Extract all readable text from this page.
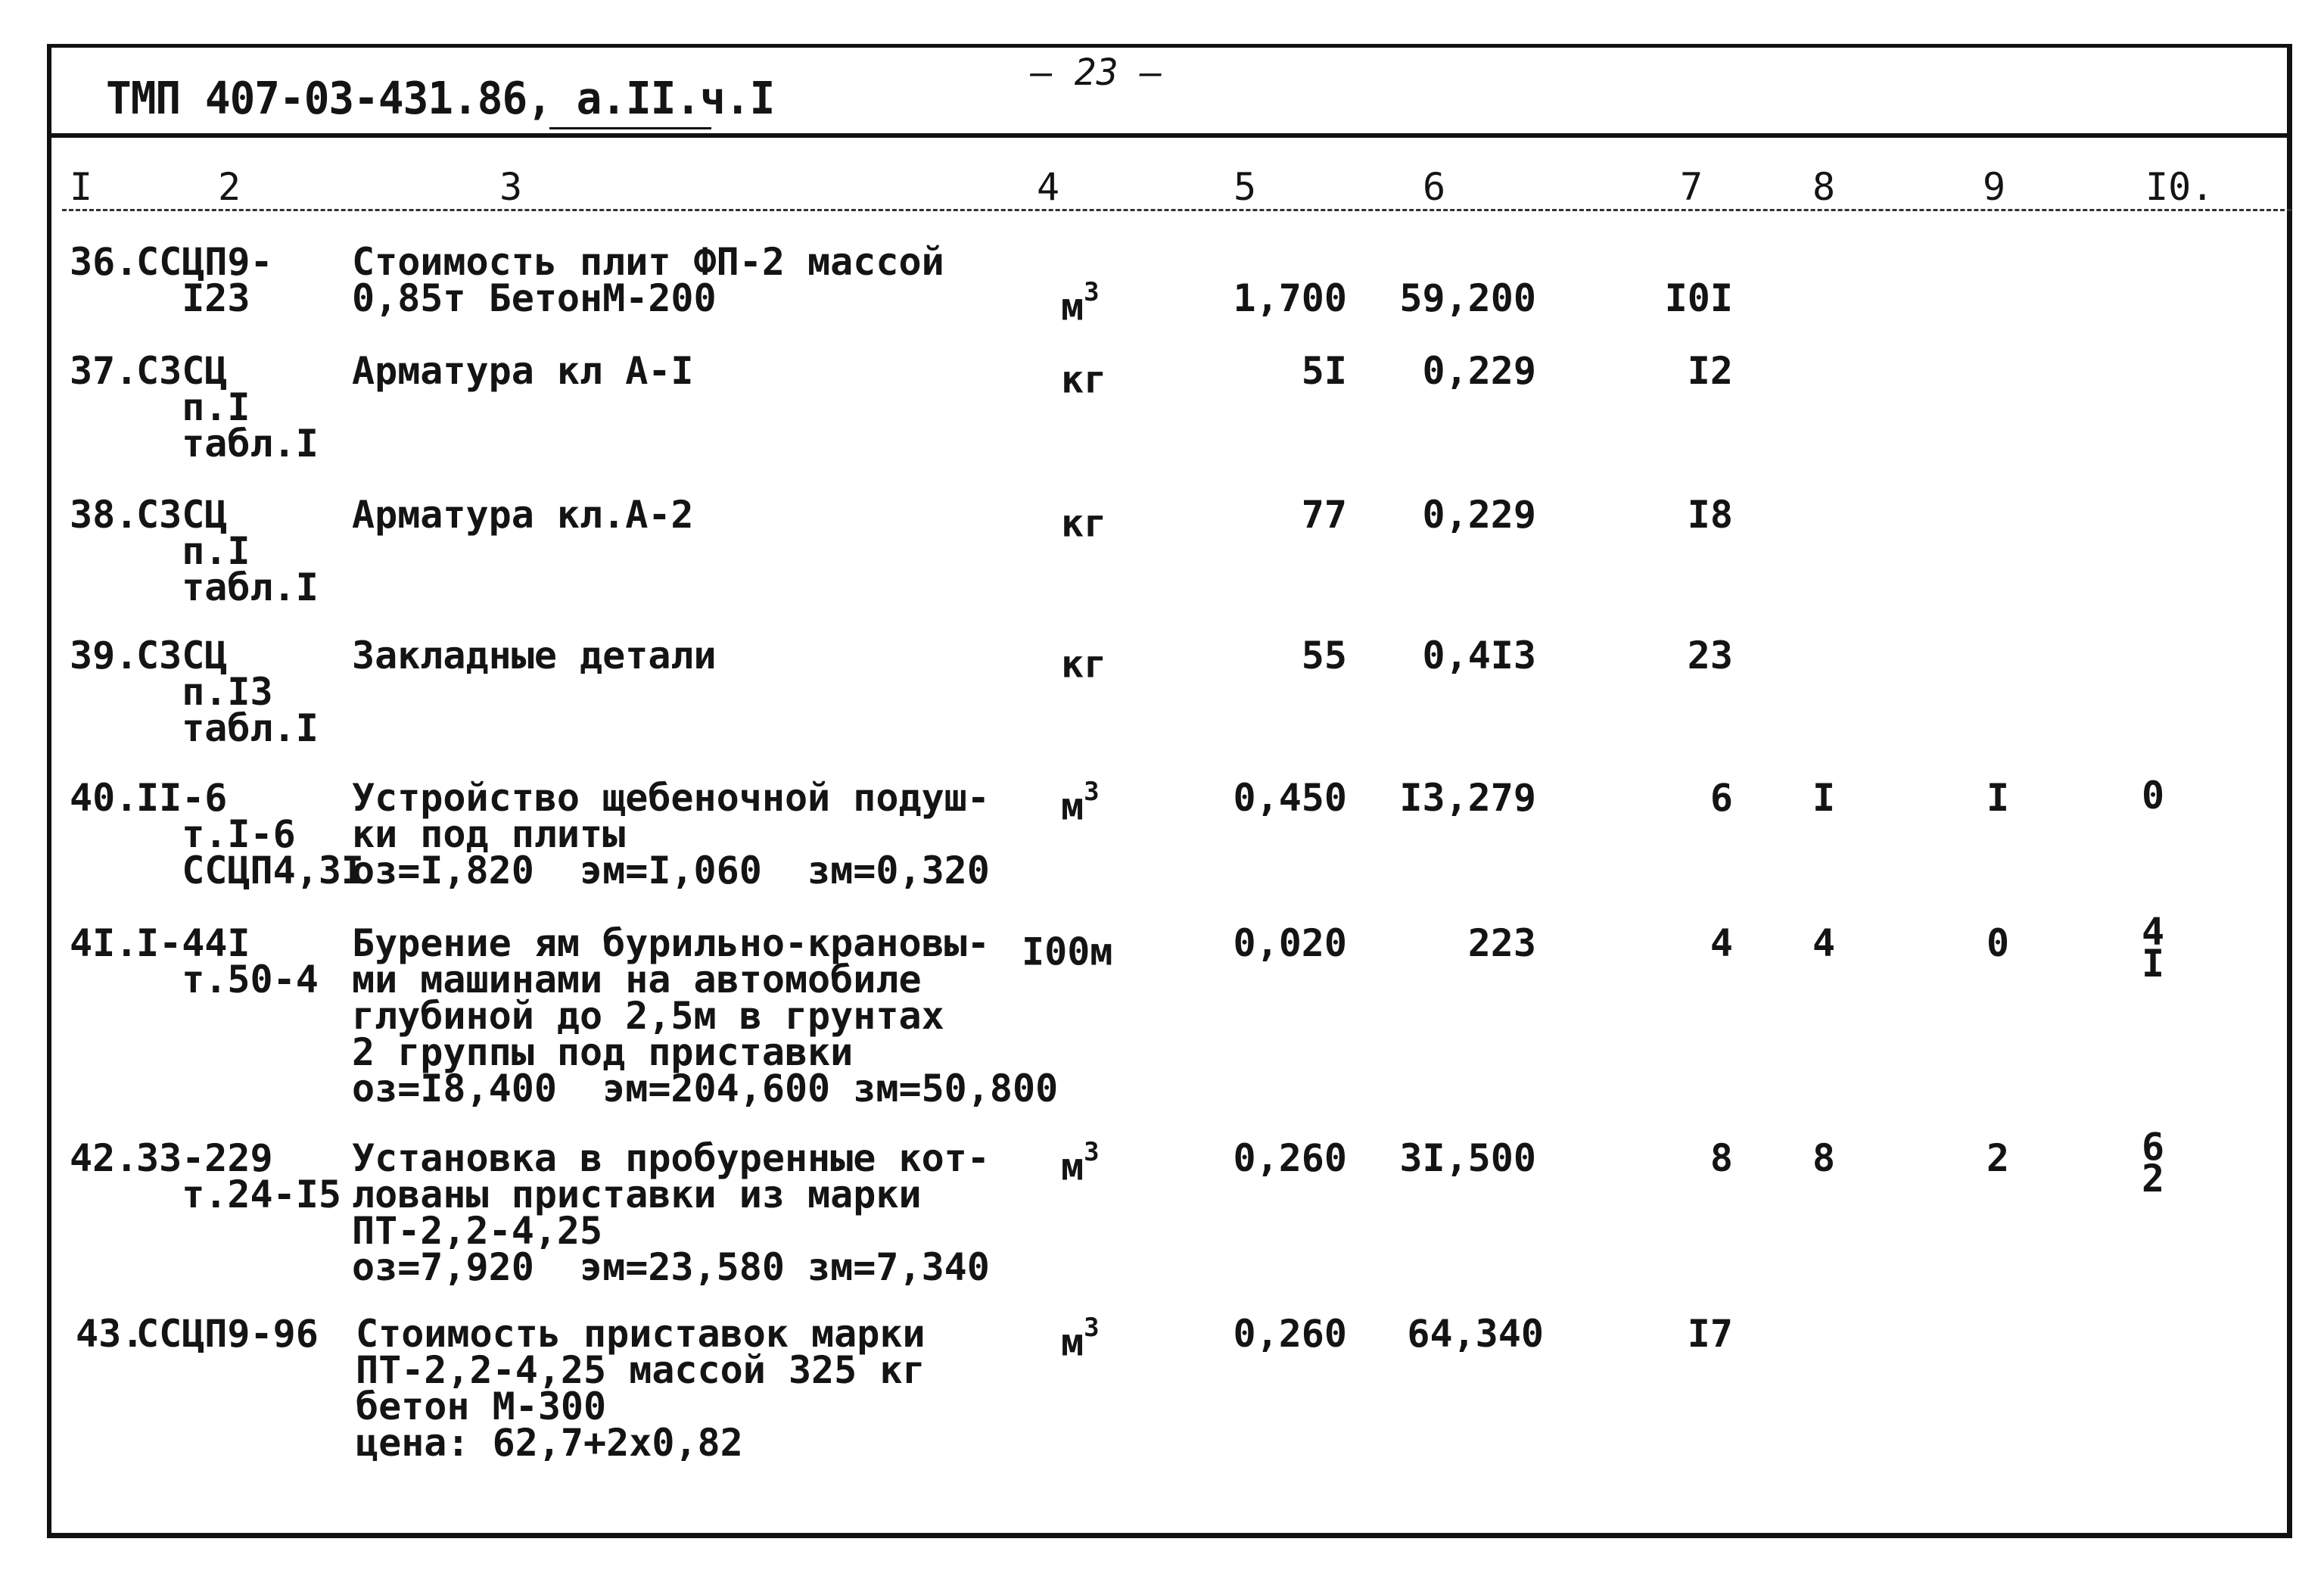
ТМП 407-03-431.86, а.II.ч.I
– 23 –
I	2	3	4	5	6	7	8	9	I0.
36.
ССЦП9-
I23
Стоимость плит ФП-2 массой
0,85т БетонМ-200	$м^3$	1,700	59,200	I0I
37.
СЗСЦ
п.I
табл.I
Арматура кл А-I	кг	5I	0,229	I2
38.
СЗСЦ
п.I
табл.I
Арматура кл.А-2	кг	77	0,229	I8
39.
СЗСЦ
п.I3
табл.I
Закладные детали	кг	55	0,4I3	23
40.
II-6
т.I-6
ССЦП4,3I
Устройство щебеночной подуш-
ки под плиты
оз=I,820  эм=I,060  зм=0,320
$м^3$	0,450	I3,279	6	I	I	0
4I.
I-44I
т.50-4
Бурение ям бурильно-крановы-
ми машинами на автомобиле
глубиной до 2,5м в грунтах
2 группы под приставки
оз=I8,400  эм=204,600 зм=50,800
I00м	0,020	223	4	4	0	4
I
42.
33-229
т.24-I5
Установка в пробуренные кот-
лованы приставки из марки
ПТ-2,2-4,25
оз=7,920  эм=23,580 зм=7,340
$м^3$	0,260	3I,500	8	8	2	6
2
43.
ССЦП9-96 Стоимость приставок марки
ПТ-2,2-4,25 массой 325 кг
бетон М-300
цена: 62,7+2х0,82
$м^3$	0,260	64,340	I7
